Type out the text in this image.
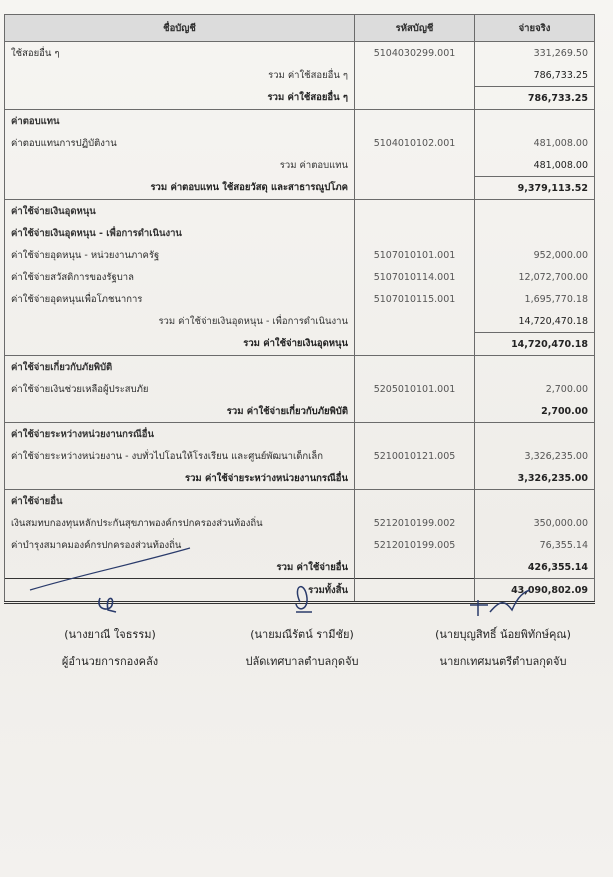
ชื่อบัญชี	รหัสบัญชี	จ่ายจริง
ใช้สอยอื่น ๆ	5104030299.001	331,269.50
รวม ค่าใช้สอยอื่น ๆ		786,733.25
รวม ค่าใช้สอยอื่น ๆ		786,733.25
ค่าตอบแทน		
ค่าตอบแทนการปฏิบัติงาน	5104010102.001	481,008.00
รวม ค่าตอบแทน		481,008.00
รวม ค่าตอบแทน ใช้สอยวัสดุ และสาธารณูปโภค		9,379,113.52
ค่าใช้จ่ายเงินอุดหนุน		
ค่าใช้จ่ายเงินอุดหนุน - เพื่อการดำเนินงาน		
ค่าใช้จ่ายอุดหนุน - หน่วยงานภาครัฐ	5107010101.001	952,000.00
ค่าใช้จ่ายสวัสดิการของรัฐบาล	5107010114.001	12,072,700.00
ค่าใช้จ่ายอุดหนุนเพื่อโภชนาการ	5107010115.001	1,695,770.18
รวม ค่าใช้จ่ายเงินอุดหนุน - เพื่อการดำเนินงาน		14,720,470.18
รวม ค่าใช้จ่ายเงินอุดหนุน		14,720,470.18
ค่าใช้จ่ายเกี่ยวกับภัยพิบัติ		
ค่าใช้จ่ายเงินช่วยเหลือผู้ประสบภัย	5205010101.001	2,700.00
รวม ค่าใช้จ่ายเกี่ยวกับภัยพิบัติ		2,700.00
ค่าใช้จ่ายระหว่างหน่วยงานกรณีอื่น		
ค่าใช้จ่ายระหว่างหน่วยงาน - งบทั่วไปโอนให้โรงเรียน และศูนย์พัฒนาเด็กเล็ก	5210010121.005	3,326,235.00
รวม ค่าใช้จ่ายระหว่างหน่วยงานกรณีอื่น		3,326,235.00
ค่าใช้จ่ายอื่น		
เงินสมทบกองทุนหลักประกันสุขภาพองค์กรปกครองส่วนท้องถิ่น	5212010199.002	350,000.00
ค่าบำรุงสมาคมองค์กรปกครองส่วนท้องถิ่น	5212010199.005	76,355.14
รวม ค่าใช้จ่ายอื่น		426,355.14
รวมทั้งสิ้น		43,090,802.09
(นางยาณี ใจธรรม)
ผู้อำนวยการกองคลัง
(นายมณีรัตน์ รามีชัย)
ปลัดเทศบาลตำบลกุดจับ
(นายบุญสิทธิ์ น้อยพิทักษ์คุณ)
นายกเทศมนตรีตำบลกุดจับ
